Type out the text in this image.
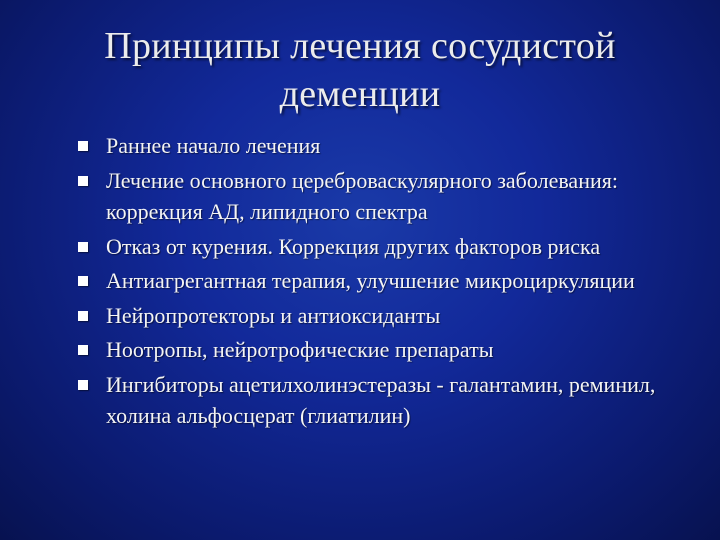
Принципы лечения сосудистой деменции
Раннее начало лечения
Лечение основного цереброваскулярного заболевания: коррекция АД, липидного спектра
Отказ от курения. Коррекция других факторов риска
Антиагрегантная терапия, улучшение микроциркуляции
Нейропротекторы и антиоксиданты
Ноотропы, нейротрофические препараты
Ингибиторы ацетилхолинэстеразы - галантамин, реминил, холина альфосцерат (глиатилин)
